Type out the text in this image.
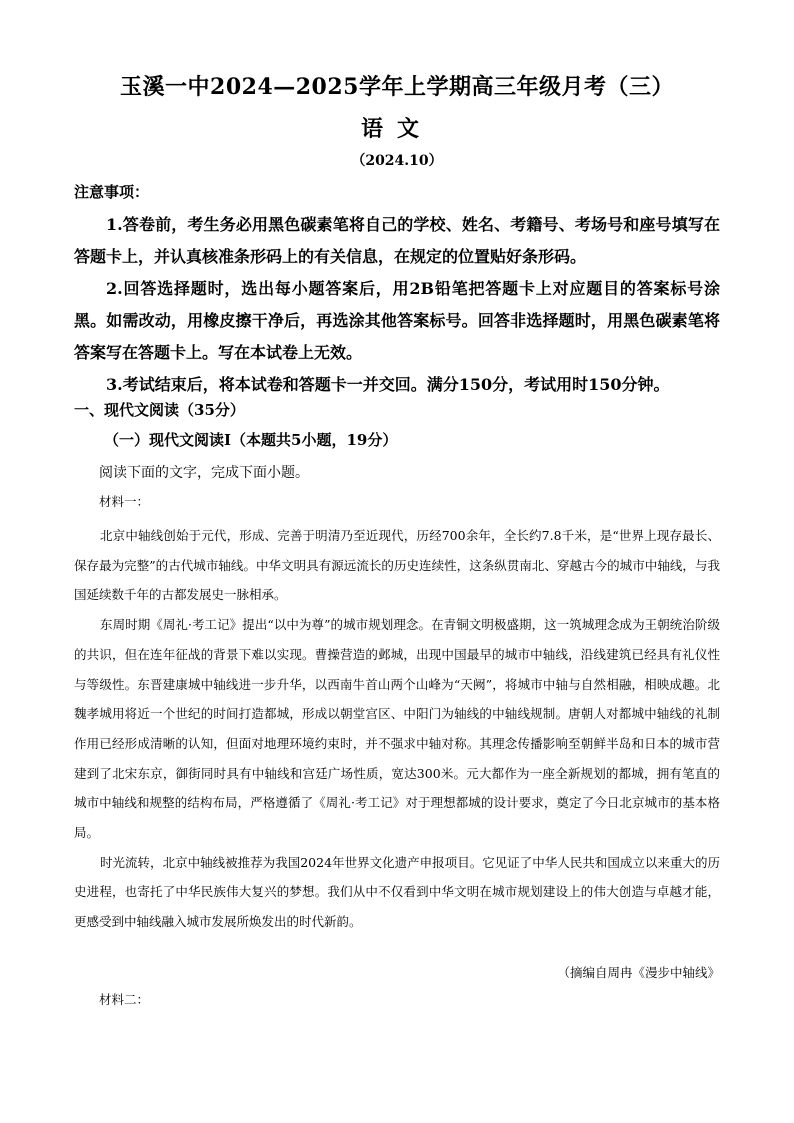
玉溪一中2024—2025学年上学期高三年级月考（三）
语文
（2024.10）
注意事项：

1.答卷前，考生务必用黑色碳素笔将自己的学校、姓名、考籍号、考场号和座号填写在答题卡上，并认真核准条形码上的有关信息，在规定的位置贴好条形码。

2.回答选择题时，选出每小题答案后，用2B铅笔把答题卡上对应题目的答案标号涂黑。如需改动，用橡皮擦干净后，再选涂其他答案标号。回答非选择题时，用黑色碳素笔将答案写在答题卡上。写在本试卷上无效。

3.考试结束后，将本试卷和答题卡一并交回。满分150分，考试用时150分钟。

一、现代文阅读（35分）
（一）现代文阅读Ⅰ（本题共5小题，19分）
阅读下面的文字，完成下面小题。
材料一：

北京中轴线创始于元代，形成、完善于明清乃至近现代，历经700余年，全长约7.8千米，是“世界上现存最长、保存最为完整”的古代城市轴线。中华文明具有源远流长的历史连续性，这条纵贯南北、穿越古今的城市中轴线，与我国延续数千年的古都发展史一脉相承。

东周时期《周礼·考工记》提出“以中为尊”的城市规划理念。在青铜文明极盛期，这一筑城理念成为王朝统治阶级的共识，但在连年征战的背景下难以实现。曹操营造的邺城，出现中国最早的城市中轴线，沿线建筑已经具有礼仪性与等级性。东晋建康城中轴线进一步升华，以西南牛首山两个山峰为“天阙”，将城市中轴与自然相融，相映成趣。北魏孝城用将近一个世纪的时间打造都城，形成以朝堂宫区、中阳门为轴线的中轴线规制。唐朝人对都城中轴线的礼制作用已经形成清晰的认知，但面对地理环境约束时，并不强求中轴对称。其理念传播影响至朝鲜半岛和日本的城市营建到了北宋东京，御街同时具有中轴线和宫廷广场性质，宽达300米。元大都作为一座全新规划的都城，拥有笔直的城市中轴线和规整的结构布局，严格遵循了《周礼·考工记》对于理想都城的设计要求，奠定了今日北京城市的基本格局。

时光流转，北京中轴线被推荐为我国2024年世界文化遗产申报项目。它见证了中华人民共和国成立以来重大的历史进程，也寄托了中华民族伟大复兴的梦想。我们从中不仅看到中华文明在城市规划建设上的伟大创造与卓越才能，更感受到中轴线融入城市发展所焕发出的时代新韵。

（摘编自周冉《漫步中轴线》
材料二：
